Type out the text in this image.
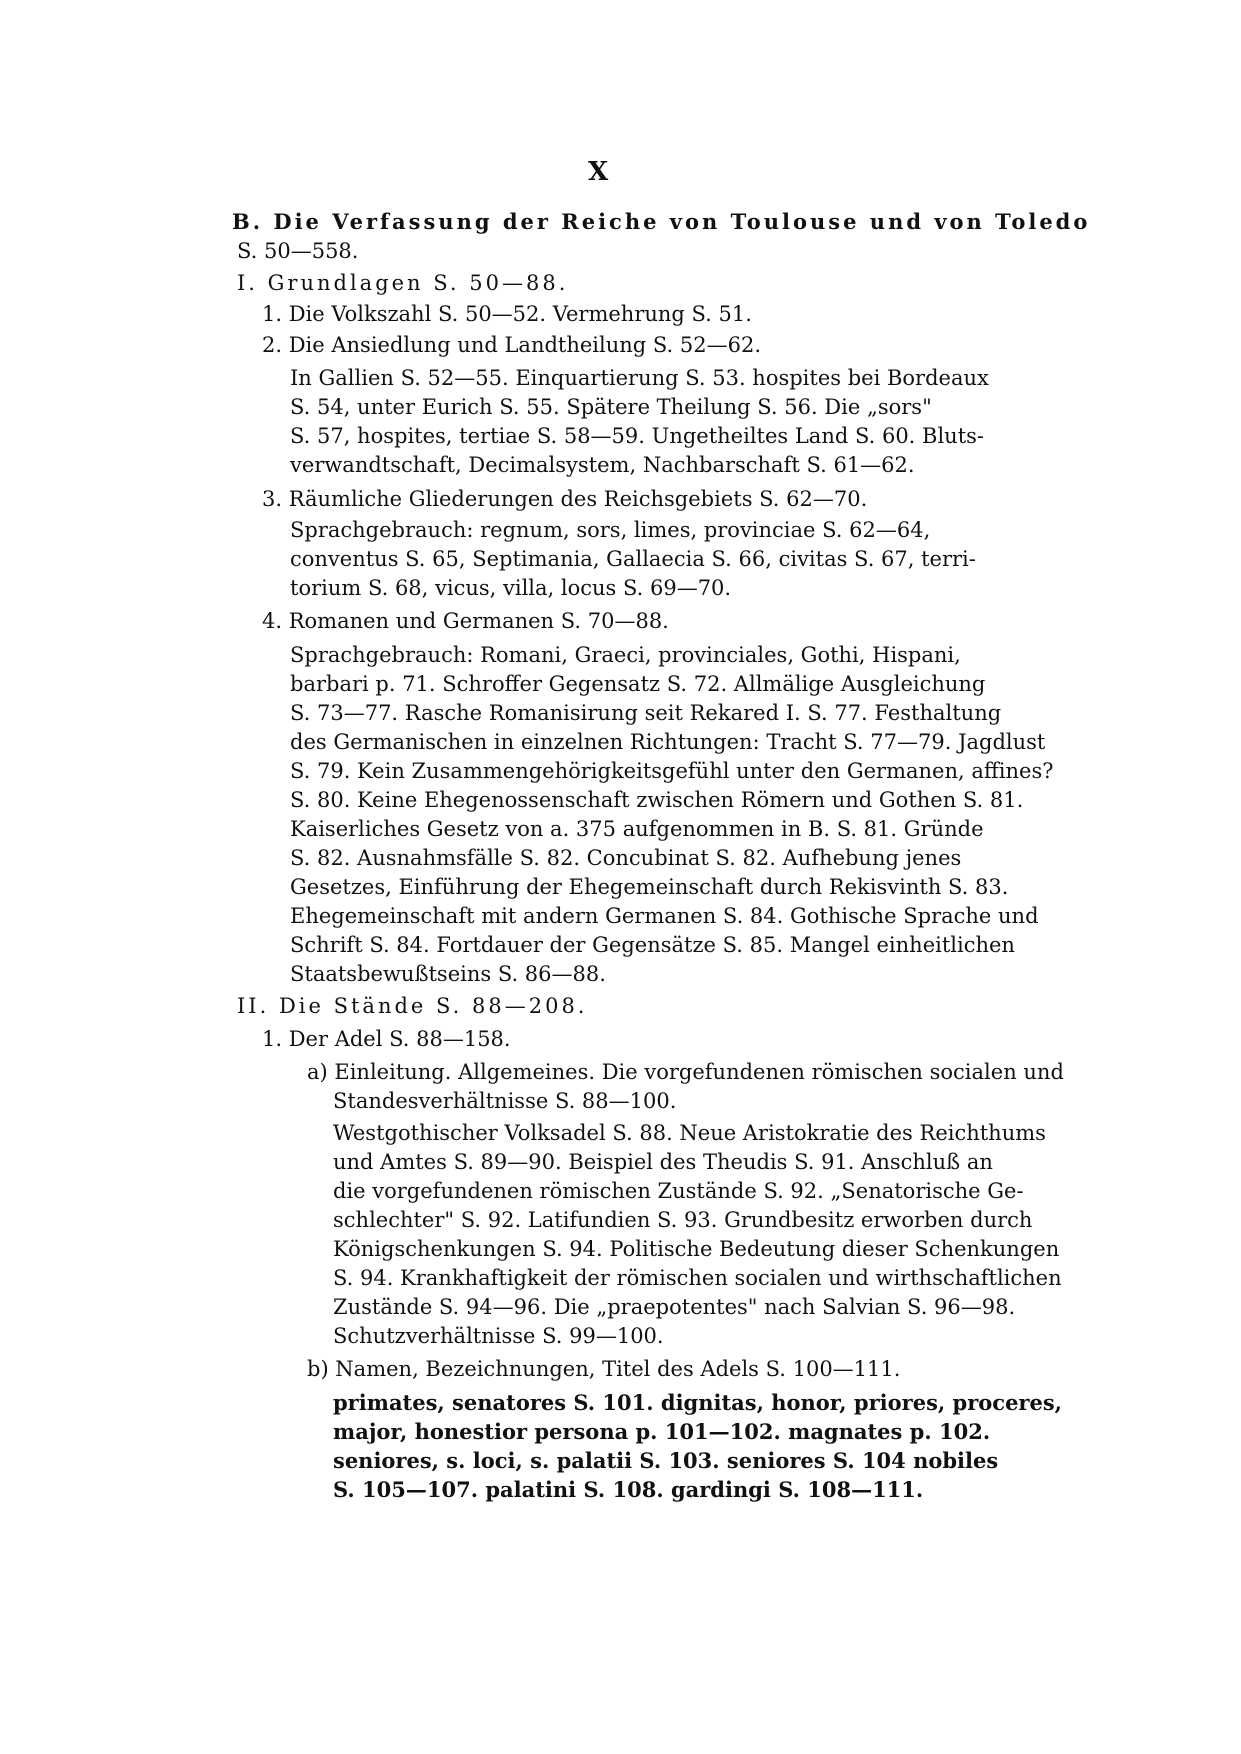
X
B. Die Verfassung der Reiche von Toulouse und von Toledo
S. 50—558.
I. Grundlagen S. 50—88.
1. Die Volkszahl S. 50—52. Vermehrung S. 51.
2. Die Ansiedlung und Landtheilung S. 52—62.
In Gallien S. 52—55. Einquartierung S. 53. hospites bei Bordeaux
S. 54, unter Eurich S. 55. Spätere Theilung S. 56. Die „sors"
S. 57, hospites, tertiae S. 58—59. Ungetheiltes Land S. 60. Bluts-
verwandtschaft, Decimalsystem, Nachbarschaft S. 61—62.
3. Räumliche Gliederungen des Reichsgebiets S. 62—70.
Sprachgebrauch: regnum, sors, limes, provinciae S. 62—64,
conventus S. 65, Septimania, Gallaecia S. 66, civitas S. 67, terri-
torium S. 68, vicus, villa, locus S. 69—70.
4. Romanen und Germanen S. 70—88.
Sprachgebrauch: Romani, Graeci, provinciales, Gothi, Hispani,
barbari p. 71. Schroffer Gegensatz S. 72. Allmälige Ausgleichung
S. 73—77. Rasche Romanisirung seit Rekared I. S. 77. Festhaltung
des Germanischen in einzelnen Richtungen: Tracht S. 77—79. Jagdlust
S. 79. Kein Zusammengehörigkeitsgefühl unter den Germanen, affines?
S. 80. Keine Ehegenossenschaft zwischen Römern und Gothen S. 81.
Kaiserliches Gesetz von a. 375 aufgenommen in B. S. 81. Gründe
S. 82. Ausnahmsfälle S. 82. Concubinat S. 82. Aufhebung jenes
Gesetzes, Einführung der Ehegemeinschaft durch Rekisvinth S. 83.
Ehegemeinschaft mit andern Germanen S. 84. Gothische Sprache und
Schrift S. 84. Fortdauer der Gegensätze S. 85. Mangel einheitlichen
Staatsbewußtseins S. 86—88.
II. Die Stände S. 88—208.
1. Der Adel S. 88—158.
a) Einleitung. Allgemeines. Die vorgefundenen römischen socialen und
Standesverhältnisse S. 88—100.
Westgothischer Volksadel S. 88. Neue Aristokratie des Reichthums
und Amtes S. 89—90. Beispiel des Theudis S. 91. Anschluß an
die vorgefundenen römischen Zustände S. 92. „Senatorische Ge-
schlechter" S. 92. Latifundien S. 93. Grundbesitz erworben durch
Königschenkungen S. 94. Politische Bedeutung dieser Schenkungen
S. 94. Krankhaftigkeit der römischen socialen und wirthschaftlichen
Zustände S. 94—96. Die „praepotentes" nach Salvian S. 96—98.
Schutzverhältnisse S. 99—100.
b) Namen, Bezeichnungen, Titel des Adels S. 100—111.
primates, senatores S. 101. dignitas, honor, priores, proceres,
major, honestior persona p. 101—102. magnates p. 102.
seniores, s. loci, s. palatii S. 103. seniores S. 104 nobiles
S. 105—107. palatini S. 108. gardingi S. 108—111.
